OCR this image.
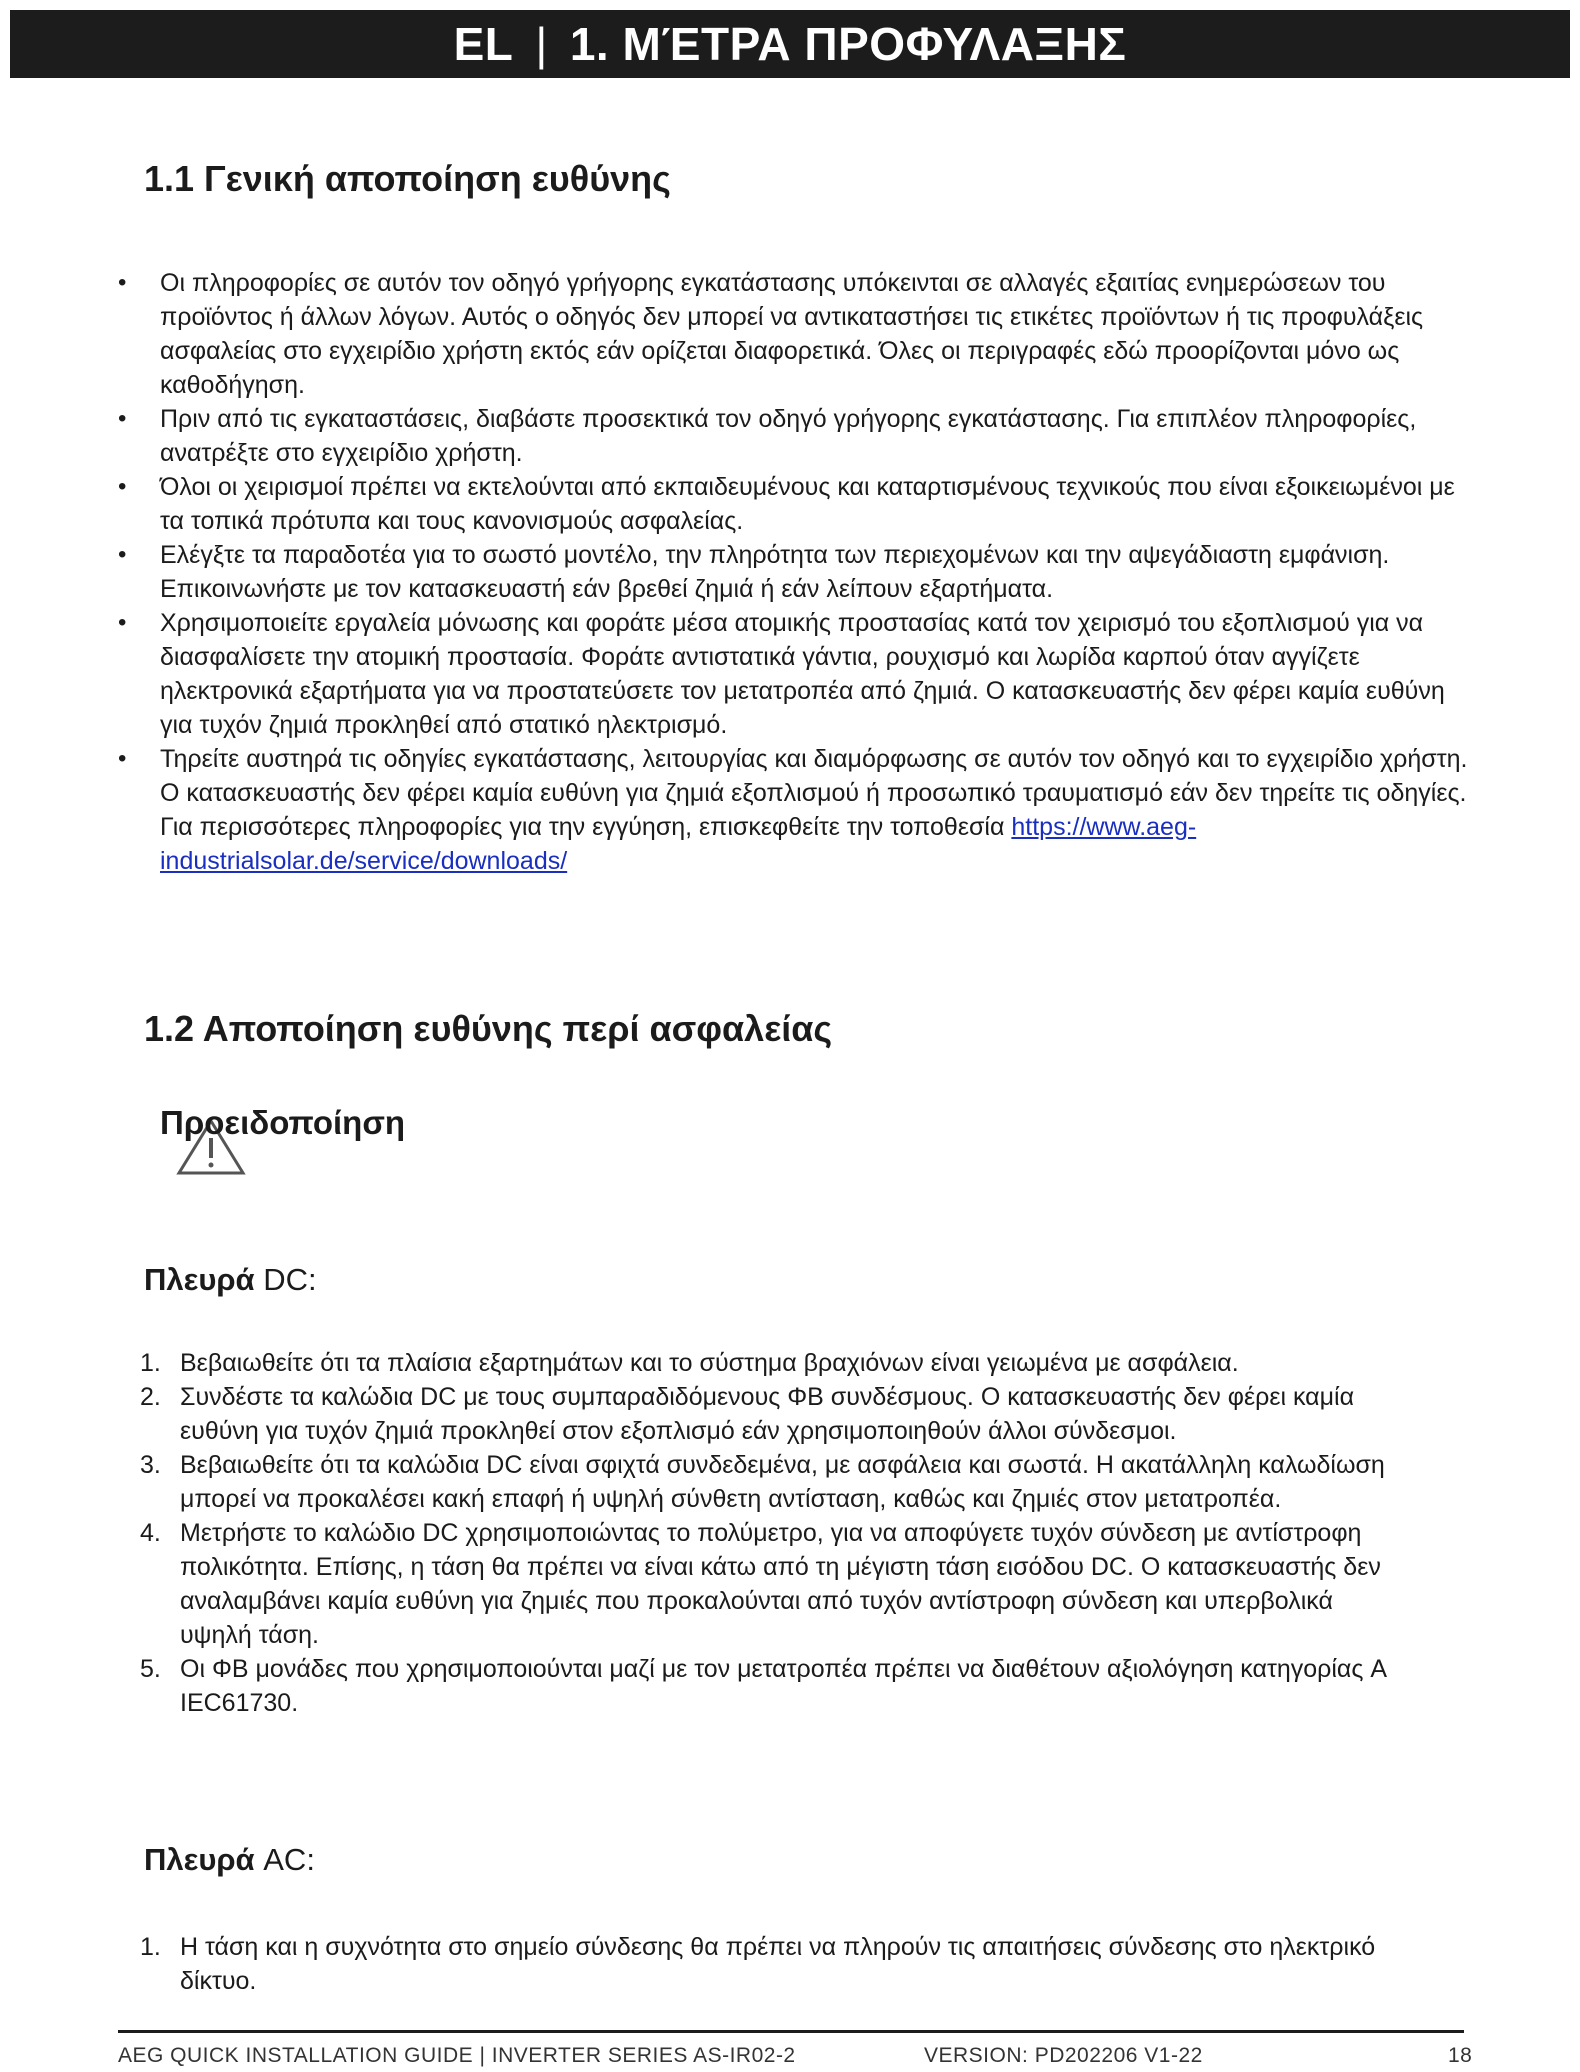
EL | 1. ΜΈΤΡΑ ΠΡΟΦΥΛΑΞΗΣ
1.1 Γενική αποποίηση ευθύνης
• Οι πληροφορίες σε αυτόν τον οδηγό γρήγορης εγκατάστασης υπόκεινται σε αλλαγές εξαιτίας ενημερώσεων του προϊόντος ή άλλων λόγων. Αυτός ο οδηγός δεν μπορεί να αντικαταστήσει τις ετικέτες προϊόντων ή τις προφυλάξεις ασφαλείας στο εγχειρίδιο χρήστη εκτός εάν ορίζεται διαφορετικά. Όλες οι περιγραφές εδώ προορίζονται μόνο ως καθοδήγηση.
• Πριν από τις εγκαταστάσεις, διαβάστε προσεκτικά τον οδηγό γρήγορης εγκατάστασης. Για επιπλέον πληροφορίες, ανατρέξτε στο εγχειρίδιο χρήστη.
• Όλοι οι χειρισμοί πρέπει να εκτελούνται από εκπαιδευμένους και καταρτισμένους τεχνικούς που είναι εξοικειωμένοι με τα τοπικά πρότυπα και τους κανονισμούς ασφαλείας.
• Ελέγξτε τα παραδοτέα για το σωστό μοντέλο, την πληρότητα των περιεχομένων και την αψεγάδιαστη εμφάνιση. Επικοινωνήστε με τον κατασκευαστή εάν βρεθεί ζημιά ή εάν λείπουν εξαρτήματα.
• Χρησιμοποιείτε εργαλεία μόνωσης και φοράτε μέσα ατομικής προστασίας κατά τον χειρισμό του εξοπλισμού για να διασφαλίσετε την ατομική προστασία. Φοράτε αντιστατικά γάντια, ρουχισμό και λωρίδα καρπού όταν αγγίζετε ηλεκτρονικά εξαρτήματα για να προστατεύσετε τον μετατροπέα από ζημιά. Ο κατασκευαστής δεν φέρει καμία ευθύνη για τυχόν ζημιά προκληθεί από στατικό ηλεκτρισμό.
• Τηρείτε αυστηρά τις οδηγίες εγκατάστασης, λειτουργίας και διαμόρφωσης σε αυτόν τον οδηγό και το εγχειρίδιο χρήστη. Ο κατασκευαστής δεν φέρει καμία ευθύνη για ζημιά εξοπλισμού ή προσωπικό τραυματισμό εάν δεν τηρείτε τις οδηγίες. Για περισσότερες πληροφορίες για την εγγύηση, επισκεφθείτε την τοποθεσία https://www.aeg-industrialsolar.de/service/downloads/
1.2 Αποποίηση ευθύνης περί ασφαλείας
Προειδοποίηση
Πλευρά DC:
1. Βεβαιωθείτε ότι τα πλαίσια εξαρτημάτων και το σύστημα βραχιόνων είναι γειωμένα με ασφάλεια.
2. Συνδέστε τα καλώδια DC με τους συμπαραδιδόμενους ΦΒ συνδέσμους. Ο κατασκευαστής δεν φέρει καμία ευθύνη για τυχόν ζημιά προκληθεί στον εξοπλισμό εάν χρησιμοποιηθούν άλλοι σύνδεσμοι.
3. Βεβαιωθείτε ότι τα καλώδια DC είναι σφιχτά συνδεδεμένα, με ασφάλεια και σωστά. Η ακατάλληλη καλωδίωση μπορεί να προκαλέσει κακή επαφή ή υψηλή σύνθετη αντίσταση, καθώς και ζημιές στον μετατροπέα.
4. Μετρήστε το καλώδιο DC χρησιμοποιώντας το πολύμετρο, για να αποφύγετε τυχόν σύνδεση με αντίστροφη πολικότητα. Επίσης, η τάση θα πρέπει να είναι κάτω από τη μέγιστη τάση εισόδου DC. Ο κατασκευαστής δεν αναλαμβάνει καμία ευθύνη για ζημιές που προκαλούνται από τυχόν αντίστροφη σύνδεση και υπερβολικά υψηλή τάση.
5. Οι ΦΒ μονάδες που χρησιμοποιούνται μαζί με τον μετατροπέα πρέπει να διαθέτουν αξιολόγηση κατηγορίας A IEC61730.
Πλευρά AC:
1. Η τάση και η συχνότητα στο σημείο σύνδεσης θα πρέπει να πληρούν τις απαιτήσεις σύνδεσης στο ηλεκτρικό δίκτυο.
AEG QUICK INSTALLATION GUIDE | INVERTER SERIES AS-IR02-2	VERSION: PD202206 V1-22	18
